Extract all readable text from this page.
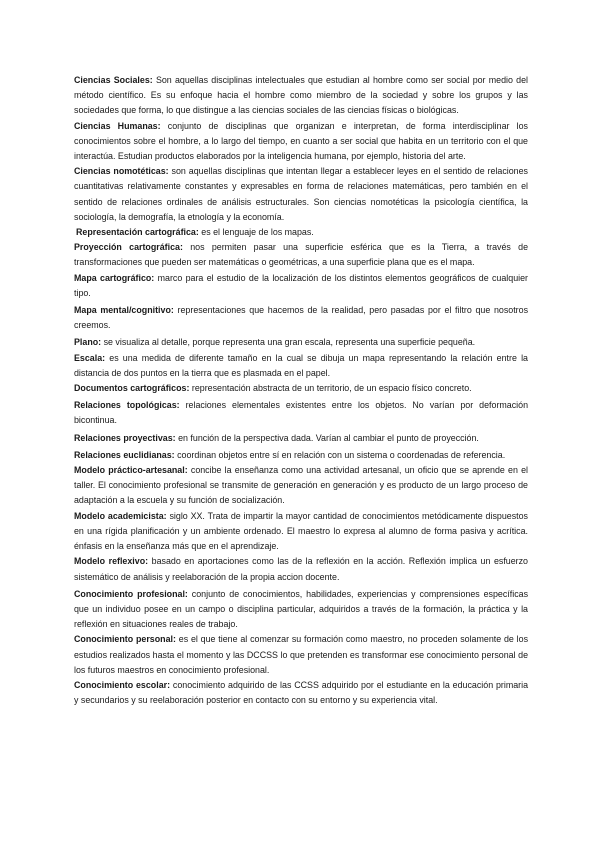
Ciencias Sociales: Son aquellas disciplinas intelectuales que estudian al hombre como ser social por medio del método científico. Es su enfoque hacia el hombre como miembro de la sociedad y sobre los grupos y las sociedades que forma, lo que distingue a las ciencias sociales de las ciencias físicas o biológicas.

Ciencias Humanas: conjunto de disciplinas que organizan e interpretan, de forma interdisciplinar los conocimientos sobre el hombre, a lo largo del tiempo, en cuanto a ser social que habita en un territorio con el que interactúa. Estudian productos elaborados por la inteligencia humana, por ejemplo, historia del arte.

Ciencias nomotéticas: son aquellas disciplinas que intentan llegar a establecer leyes en el sentido de relaciones cuantitativas relativamente constantes y expresables en forma de relaciones matemáticas, pero también en el sentido de relaciones ordinales de análisis estructurales. Son ciencias nomotéticas la psicología científica, la sociología, la demografía, la etnología y la economía.

Representación cartográfica: es el lenguaje de los mapas.

Proyección cartográfica: nos permiten pasar una superficie esférica que es la Tierra, a través de transformaciones que pueden ser matemáticas o geométricas, a una superficie plana que es el mapa.

Mapa cartográfico: marco para el estudio de la localización de los distintos elementos geográficos de cualquier tipo.

Mapa mental/cognitivo: representaciones que hacemos de la realidad, pero pasadas por el filtro que nosotros creemos.

Plano: se visualiza al detalle, porque representa una gran escala, representa una superficie pequeña.

Escala: es una medida de diferente tamaño en la cual se dibuja un mapa representando la relación entre la distancia de dos puntos en la tierra que es plasmada en el papel.

Documentos cartográficos: representación abstracta de un territorio, de un espacio físico concreto.

Relaciones topológicas: relaciones elementales existentes entre los objetos. No varían por deformación bicontinua.

Relaciones proyectivas: en función de la perspectiva dada. Varían al cambiar el punto de proyección.

Relaciones euclidianas: coordinan objetos entre sí en relación con un sistema o coordenadas de referencia.

Modelo práctico-artesanal: concibe la enseñanza como una actividad artesanal, un oficio que se aprende en el taller. El conocimiento profesional se transmite de generación en generación y es producto de un largo proceso de adaptación a la escuela y su función de socialización.

Modelo academicista: siglo XX. Trata de impartir la mayor cantidad de conocimientos metódicamente dispuestos en una rígida planificación y un ambiente ordenado. El maestro lo expresa al alumno de forma pasiva y acrítica. énfasis en la enseñanza más que en el aprendizaje.

Modelo reflexivo: basado en aportaciones como las de la reflexión en la acción. Reflexión implica un esfuerzo sistemático de análisis y reelaboración de la propia accion docente.

Conocimiento profesional: conjunto de conocimientos, habilidades, experiencias y comprensiones específicas que un individuo posee en un campo o disciplina particular, adquiridos a través de la formación, la práctica y la reflexión en situaciones reales de trabajo.

Conocimiento personal: es el que tiene al comenzar su formación como maestro, no proceden solamente de los estudios realizados hasta el momento y las DCCSS lo que pretenden es transformar ese conocimiento personal de los futuros maestros en conocimiento profesional.

Conocimiento escolar: conocimiento adquirido de las CCSS adquirido por el estudiante en la educación primaria y secundarios y su reelaboración posterior en contacto con su entorno y su experiencia vital.
